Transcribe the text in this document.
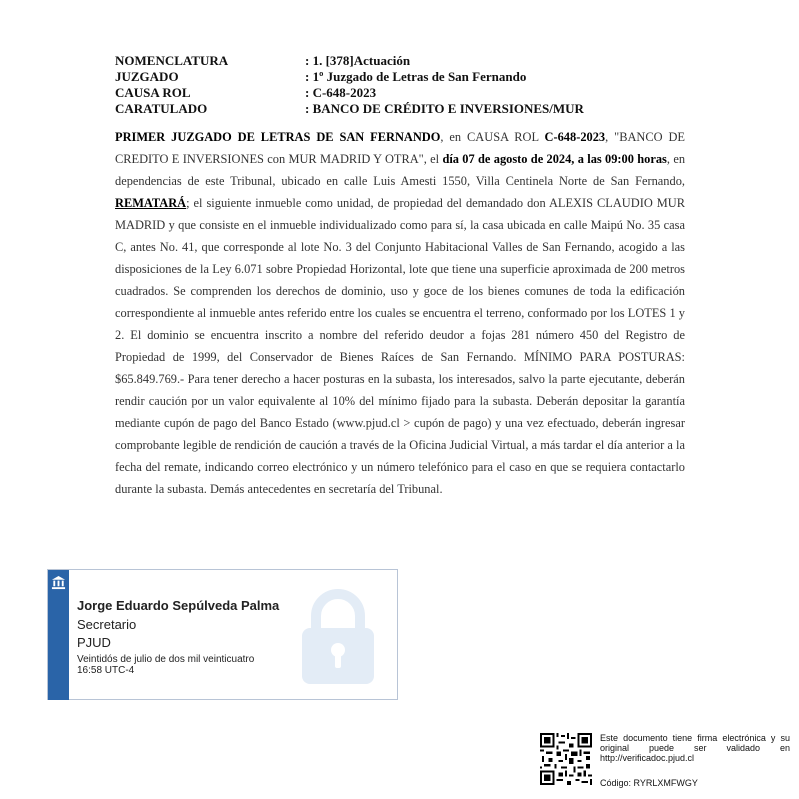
NOMENCLATURA	: 1. [378]Actuación
JUZGADO	: 1º Juzgado de Letras de San Fernando
CAUSA ROL	: C-648-2023
CARATULADO	: BANCO DE CRÉDITO E INVERSIONES/MUR
PRIMER JUZGADO DE LETRAS DE SAN FERNANDO, en CAUSA ROL C-648-2023, "BANCO DE CREDITO E INVERSIONES con MUR MADRID Y OTRA", el día 07 de agosto de 2024, a las 09:00 horas, en dependencias de este Tribunal, ubicado en calle Luis Amesti 1550, Villa Centinela Norte de San Fernando, REMATARÁ; el siguiente inmueble como unidad, de propiedad del demandado don ALEXIS CLAUDIO MUR MADRID y que consiste en el inmueble individualizado como para sí, la casa ubicada en calle Maipú No. 35 casa C, antes No. 41, que corresponde al lote No. 3 del Conjunto Habitacional Valles de San Fernando, acogido a las disposiciones de la Ley 6.071 sobre Propiedad Horizontal, lote que tiene una superficie aproximada de 200 metros cuadrados. Se comprenden los derechos de dominio, uso y goce de los bienes comunes de toda la edificación correspondiente al inmueble antes referido entre los cuales se encuentra el terreno, conformado por los LOTES 1 y 2. El dominio se encuentra inscrito a nombre del referido deudor a fojas 281 número 450 del Registro de Propiedad de 1999, del Conservador de Bienes Raíces de San Fernando. MÍNIMO PARA POSTURAS: $65.849.769.- Para tener derecho a hacer posturas en la subasta, los interesados, salvo la parte ejecutante, deberán rendir caución por un valor equivalente al 10% del mínimo fijado para la subasta. Deberán depositar la garantía mediante cupón de pago del Banco Estado (www.pjud.cl > cupón de pago) y una vez efectuado, deberán ingresar comprobante legible de rendición de caución a través de la Oficina Judicial Virtual, a más tardar el día anterior a la fecha del remate, indicando correo electrónico y un número telefónico para el caso en que se requiera contactarlo durante la subasta. Demás antecedentes en secretaría del Tribunal.
Jorge Eduardo Sepúlveda Palma
Secretario
PJUD
Veintidós de julio de dos mil veinticuatro
16:58 UTC-4
Este documento tiene firma electrónica y su original puede ser validado en http://verificadoc.pjud.cl
Código: RYRLXMFWGY
